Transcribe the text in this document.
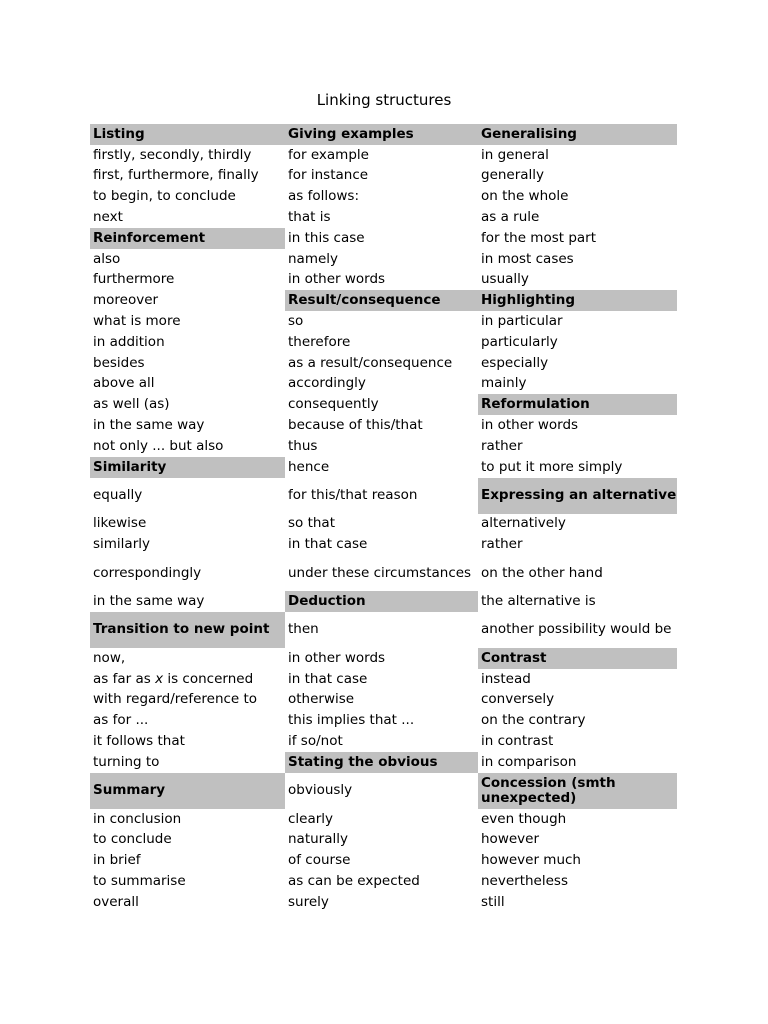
Linking structures
Listing	Giving examples	Generalising
firstly, secondly, thirdly	for example	in general
first, furthermore, finally	for instance	generally
to begin, to conclude	as follows:	on the whole
next	that is	as a rule
Reinforcement	in this case	for the most part
also	namely	in most cases
furthermore	in other words	usually
moreover	Result/consequence	Highlighting
what is more	so	in particular
in addition	therefore	particularly
besides	as a result/consequence	especially
above all	accordingly	mainly
as well (as)	consequently	Reformulation
in the same way	because of this/that	in other words
not only ... but also	thus	rather
Similarity	hence	to put it more simply
equally	for this/that reason	Expressing an alternative
likewise	so that	alternatively
similarly	in that case	rather
correspondingly	under these circumstances	on the other hand
in the same way	Deduction	the alternative is
Transition to new point	then	another possibility would be
now,	in other words	Contrast
as far as x is concerned	in that case	instead
with regard/reference to	otherwise	conversely
as for ...	this implies that ...	on the contrary
it follows that	if so/not	in contrast
turning to	Stating the obvious	in comparison
Summary	obviously	Concession (smth unexpected)
in conclusion	clearly	even though
to conclude	naturally	however
in brief	of course	however much
to summarise	as can be expected	nevertheless
overall	surely	still
